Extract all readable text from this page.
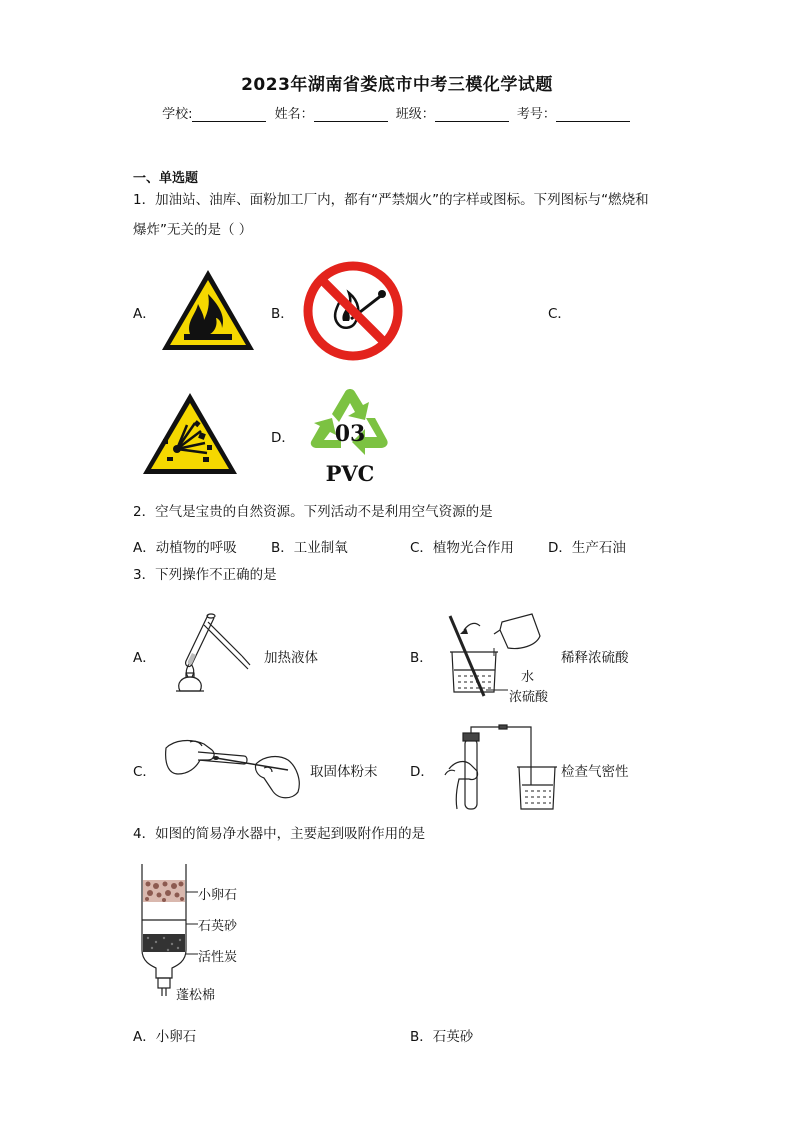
2023年湖南省娄底市中考三模化学试题
学校:	姓名：	班级：	考号：
一、单选题
1．加油站、油库、面粉加工厂内，都有“严禁烟火”的字样或图标。下列图标与“燃烧和
爆炸”无关的是（ ）
A．	B．	C．
D． 03
PVC
2．空气是宝贵的自然资源。下列活动不是利用空气资源的是
A．动植物的呼吸	B．工业制氧	C．植物光合作用	D．生产石油
3．下列操作不正确的是
A．	加热液体	B．	稀释浓硫酸
水
浓硫酸
C．	取固体粉末 D．	检查气密性
4．如图的简易净水器中，主要起到吸附作用的是
小卵石
石英砂
活性炭
蓬松棉
A．小卵石	B．石英砂
